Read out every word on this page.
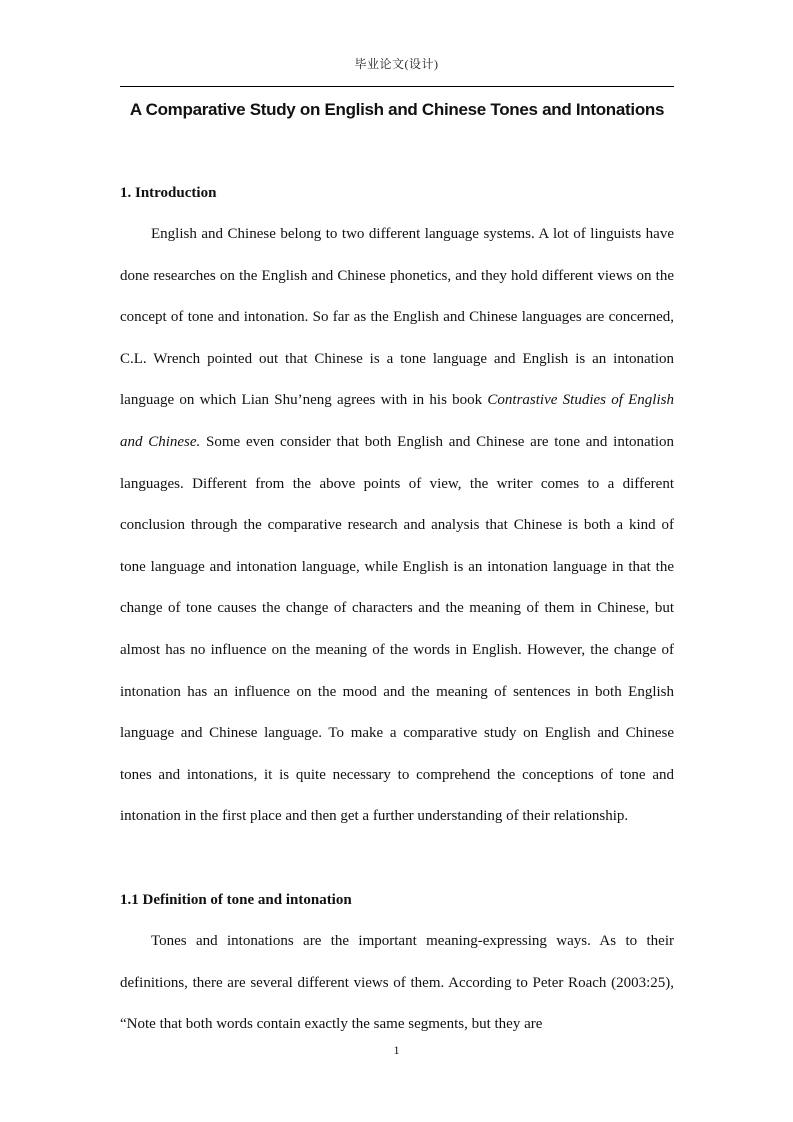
毕业论文(设计)
A Comparative Study on English and Chinese Tones and Intonations
1. Introduction

English and Chinese belong to two different language systems. A lot of linguists have done researches on the English and Chinese phonetics, and they hold different views on the concept of tone and intonation. So far as the English and Chinese languages are concerned, C.L. Wrench pointed out that Chinese is a tone language and English is an intonation language on which Lian Shu’neng agrees with in his book Contrastive Studies of English and Chinese. Some even consider that both English and Chinese are tone and intonation languages. Different from the above points of view, the writer comes to a different conclusion through the comparative research and analysis that Chinese is both a kind of tone language and intonation language, while English is an intonation language in that the change of tone causes the change of characters and the meaning of them in Chinese, but almost has no influence on the meaning of the words in English. However, the change of intonation has an influence on the mood and the meaning of sentences in both English language and Chinese language. To make a comparative study on English and Chinese tones and intonations, it is quite necessary to comprehend the conceptions of tone and intonation in the first place and then get a further understanding of their relationship.

1.1 Definition of tone and intonation

Tones and intonations are the important meaning-expressing ways. As to their definitions, there are several different views of them. According to Peter Roach (2003:25), “Note that both words contain exactly the same segments, but they are

1
